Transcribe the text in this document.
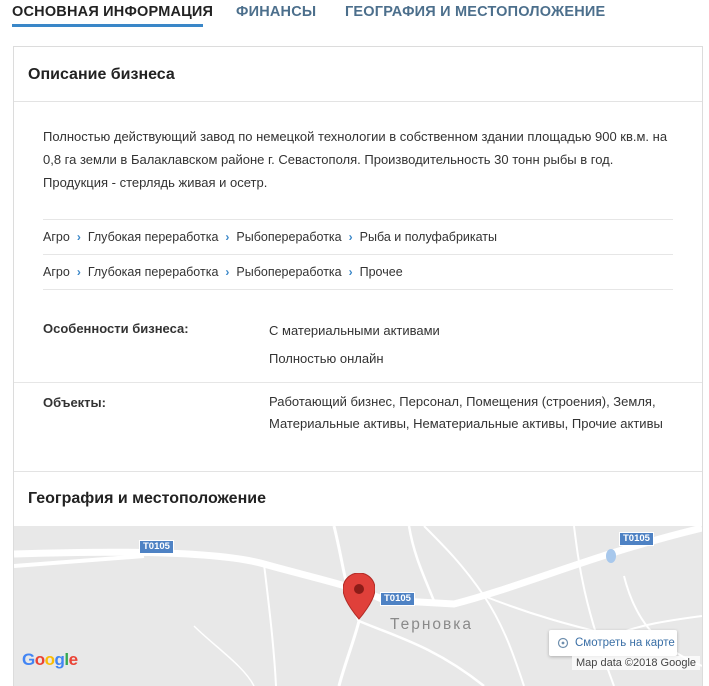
ОСНОВНАЯ ИНФОРМАЦИЯ ФИНАНСЫ ГЕОГРАФИЯ И МЕСТОПОЛОЖЕНИЕ
Описание бизнеса
Полностью действующий завод по немецкой технологии в собственном здании площадью 900 кв.м. на
0,8 га земли в Балаклавском районе г. Севастополя. Производительность 30 тонн рыбы в год.
Продукция - стерлядь живая и осетр.
Агро › Глубокая переработка › Рыбопереработка › Рыба и полуфабрикаты
Агро › Глубокая переработка › Рыбопереработка › Прочее
Особенности бизнеса:	С материальными активами
Полностью онлайн
Объекты:	Работающий бизнес, Персонал, Помещения (строения), Земля,
Материальные активы, Нематериальные активы, Прочие активы
География и местоположение
T0105
T0105
T0105
Терновка
Смотреть на карте
Google	Map data ©2018 Google
